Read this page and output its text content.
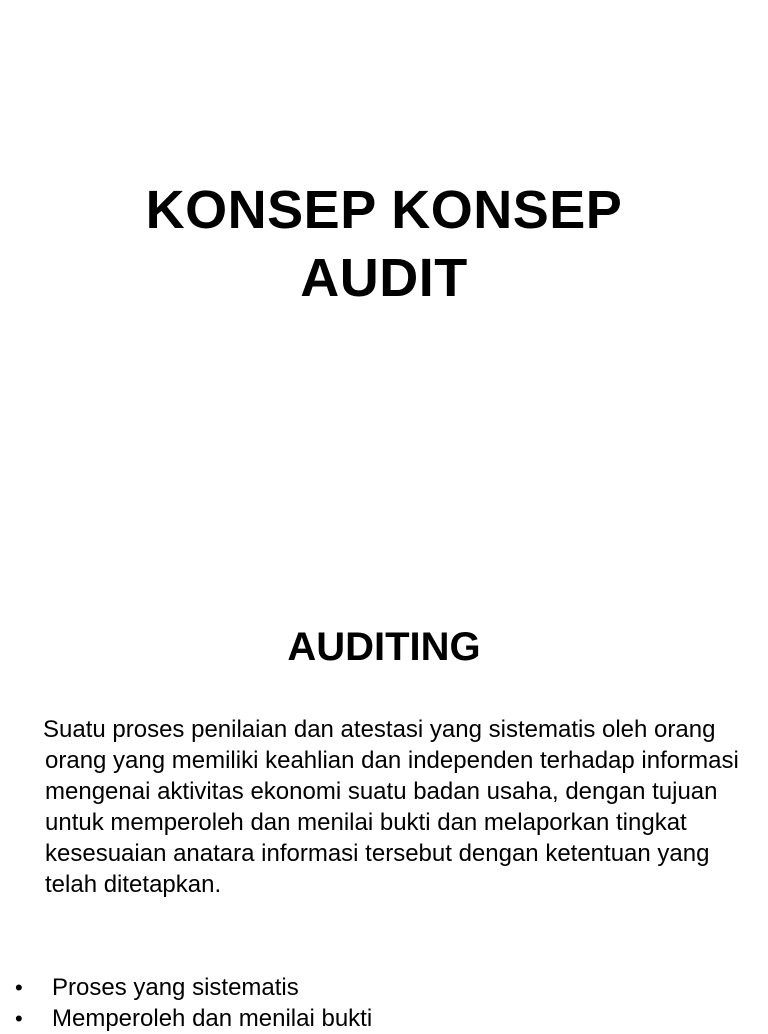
KONSEP KONSEP
AUDIT
AUDITING

Suatu proses penilaian dan atestasi yang sistematis oleh orang orang yang memiliki keahlian dan independen terhadap informasi mengenai aktivitas ekonomi suatu badan usaha, dengan tujuan untuk memperoleh dan menilai bukti dan melaporkan tingkat kesesuaian anatara informasi tersebut dengan ketentuan yang telah ditetapkan.

• Proses yang sistematis
• Memperoleh dan menilai bukti
